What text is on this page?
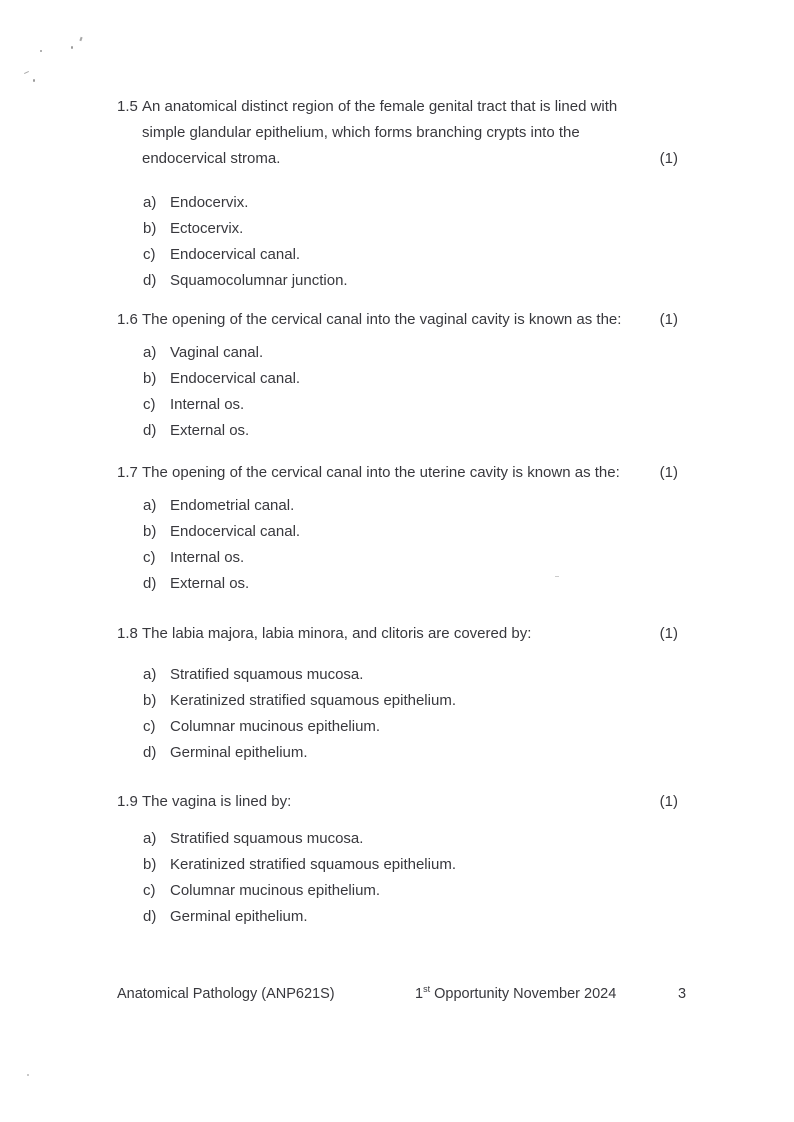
1.5 An anatomical distinct region of the female genital tract that is lined with
simple glandular epithelium, which forms branching crypts into the endocervical stroma.	(1)
a) Endocervix.
b) Ectocervix.
c) Endocervical canal.
d) Squamocolumnar junction.
1.6 The opening of the cervical canal into the vaginal cavity is known as the:	(1)
a) Vaginal canal.
b) Endocervical canal.
c) Internal os.
d) External os.
1.7 The opening of the cervical canal into the uterine cavity is known as the:	(1)
a) Endometrial canal.
b) Endocervical canal.
c) Internal os.
d) External os.
1.8 The labia majora, labia minora, and clitoris are covered by:	(1)
a) Stratified squamous mucosa.
b) Keratinized stratified squamous epithelium.
c) Columnar mucinous epithelium.
d) Germinal epithelium.
1.9 The vagina is lined by:	(1)
a) Stratified squamous mucosa.
b) Keratinized stratified squamous epithelium.
c) Columnar mucinous epithelium.
d) Germinal epithelium.
Anatomical Pathology (ANP621S)	1st Opportunity November 2024	3
